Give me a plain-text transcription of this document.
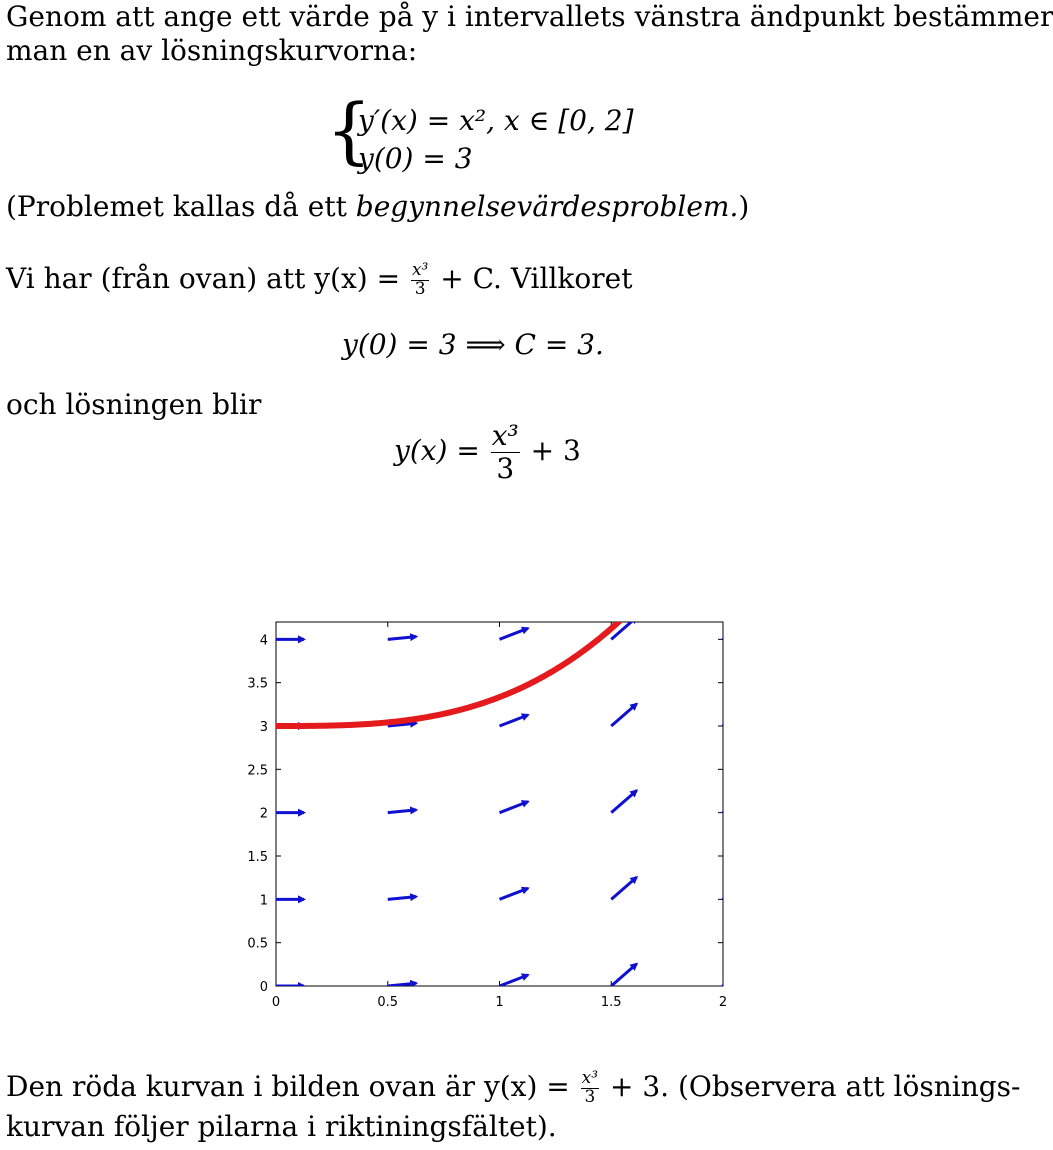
Genom att ange ett värde på y i intervallets vänstra ändpunkt bestämmer
man en av lösningskurvorna:
{
y′(x) = x², x ∈ [0, 2]
y(0) = 3
(Problemet kallas då ett begynnelsevärdesproblem.)
Vi har (från ovan) att $y(x) = \frac{\text{x³}}{3} + C$. Villkoret
y(0) = 3 ⟹ C = 3.
och lösningen blir
$y(x) = \frac{\text{x³}}{3} + 3$
0	0.5	1	1.5	2
0
0.5
1
1.5
2
2.5
3
3.5
4
Den röda kurvan i bilden ovan är $y(x) = \frac{\text{x³}}{3} + 3$. (Observera att lösnings-
kurvan följer pilarna i riktiningsfältet).
